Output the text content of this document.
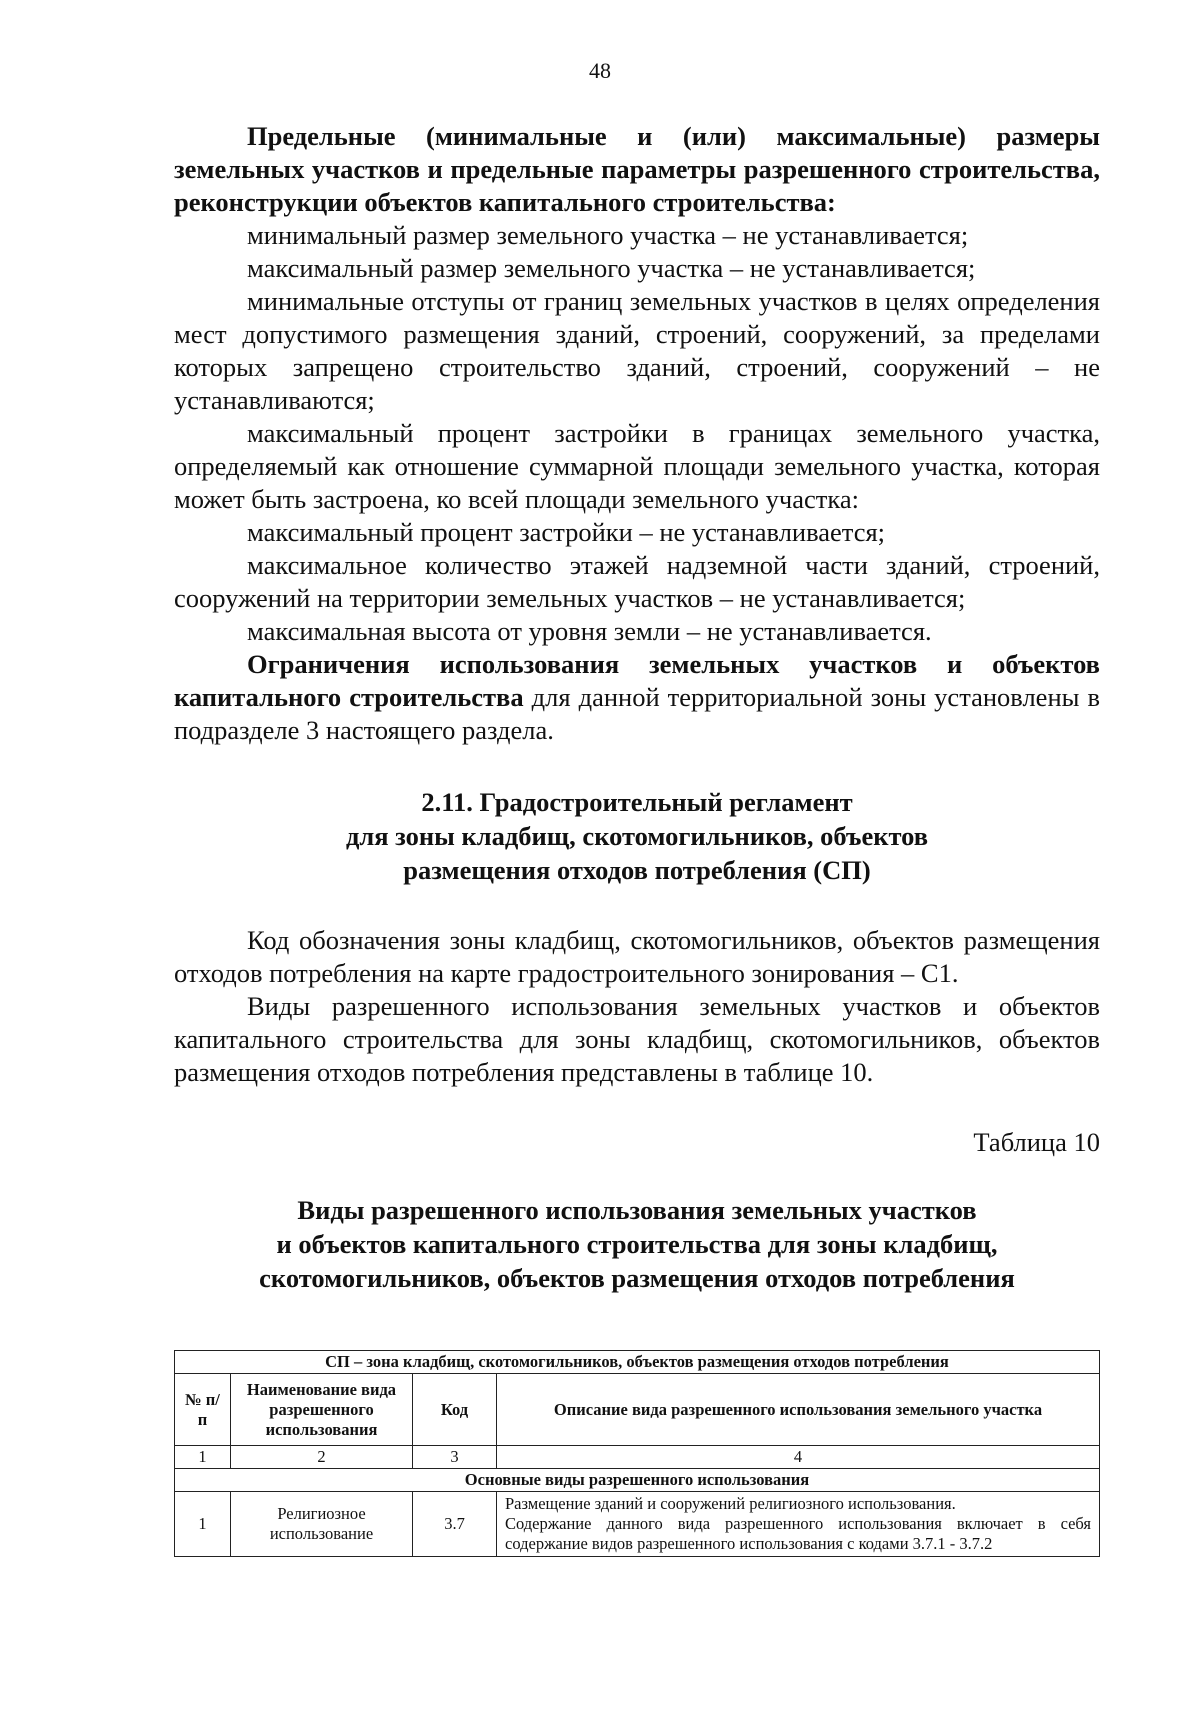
48

Предельные (минимальные и (или) максимальные) размеры земельных участков и предельные параметры разрешенного строительства, реконструкции объектов капитального строительства:

минимальный размер земельного участка – не устанавливается;

максимальный размер земельного участка – не устанавливается;

минимальные отступы от границ земельных участков в целях определения мест допустимого размещения зданий, строений, сооружений, за пределами которых запрещено строительство зданий, строений, сооружений – не устанавливаются;

максимальный процент застройки в границах земельного участка, определяемый как отношение суммарной площади земельного участка, которая может быть застроена, ко всей площади земельного участка:

максимальный процент застройки – не устанавливается;

максимальное количество этажей надземной части зданий, строений, сооружений на территории земельных участков – не устанавливается;

максимальная высота от уровня земли – не устанавливается.

Ограничения использования земельных участков и объектов капитального строительства для данной территориальной зоны установлены в подразделе 3 настоящего раздела.

2.11. Градостроительный регламент

для зоны кладбищ, скотомогильников, объектов

размещения отходов потребления (СП)

Код обозначения зоны кладбищ, скотомогильников, объектов размещения отходов потребления на карте градостроительного зонирования – С1.

Виды разрешенного использования земельных участков и объектов капитального строительства для зоны кладбищ, скотомогильников, объектов размещения отходов потребления представлены в таблице 10.

Таблица 10

Виды разрешенного использования земельных участков

и объектов капитального строительства для зоны кладбищ,

скотомогильников, объектов размещения отходов потребления

СП – зона кладбищ, скотомогильников, объектов размещения отходов потребления			
№ п/п	Наименование вида разрешенного использования	Код	Описание вида разрешенного использования земельного участка
1	2	3	4
Основные виды разрешенного использования			
1	Религиозное использование	3.7	Размещение зданий и сооружений религиозного использования.
Содержание данного вида разрешенного использования включает в себя содержание видов разрешенного использования с кодами 3.7.1 - 3.7.2
